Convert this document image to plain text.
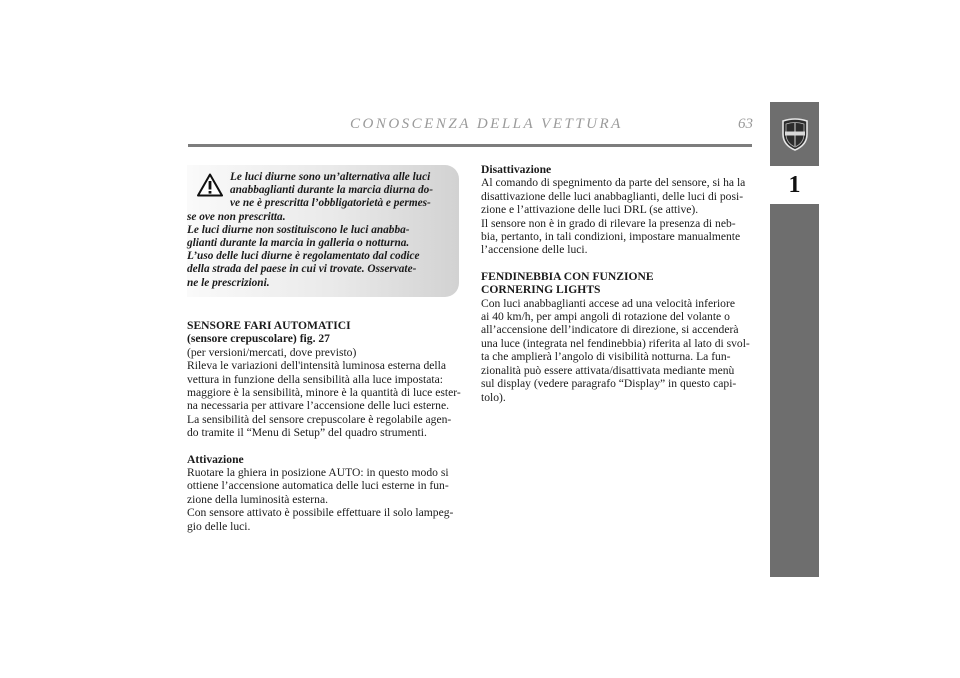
CONOSCENZA DELLA VETTURA	63
1
Le luci diurne sono un’alternativa alle luci
anabbaglianti durante la marcia diurna do-
ve ne è prescritta l’obbligatorietà e permes-
se ove non prescritta.
Le luci diurne non sostituiscono le luci anabba-
glianti durante la marcia in galleria o notturna.
L’uso delle luci diurne è regolamentato dal codice
della strada del paese in cui vi trovate. Osservate-
ne le prescrizioni.
SENSORE FARI AUTOMATICI
(sensore crepuscolare) fig. 27
(per versioni/mercati, dove previsto)
Rileva le variazioni dell'intensità luminosa esterna della
vettura in funzione della sensibilità alla luce impostata:
maggiore è la sensibilità, minore è la quantità di luce ester-
na necessaria per attivare l’accensione delle luci esterne.
La sensibilità del sensore crepuscolare è regolabile agen-
do tramite il “Menu di Setup” del quadro strumenti.
Attivazione
Ruotare la ghiera in posizione AUTO: in questo modo si
ottiene l’accensione automatica delle luci esterne in fun-
zione della luminosità esterna.
Con sensore attivato è possibile effettuare il solo lampeg-
gio delle luci.
Disattivazione
Al comando di spegnimento da parte del sensore, si ha la
disattivazione delle luci anabbaglianti, delle luci di posi-
zione e l’attivazione delle luci DRL (se attive).
Il sensore non è in grado di rilevare la presenza di neb-
bia, pertanto, in tali condizioni, impostare manualmente
l’accensione delle luci.
FENDINEBBIA CON FUNZIONE
CORNERING LIGHTS
Con luci anabbaglianti accese ad una velocità inferiore
ai 40 km/h, per ampi angoli di rotazione del volante o
all’accensione dell’indicatore di direzione, si accenderà
una luce (integrata nel fendinebbia) riferita al lato di svol-
ta che amplierà l’angolo di visibilità notturna. La fun-
zionalità può essere attivata/disattivata mediante menù
sul display (vedere paragrafo “Display” in questo capi-
tolo).
